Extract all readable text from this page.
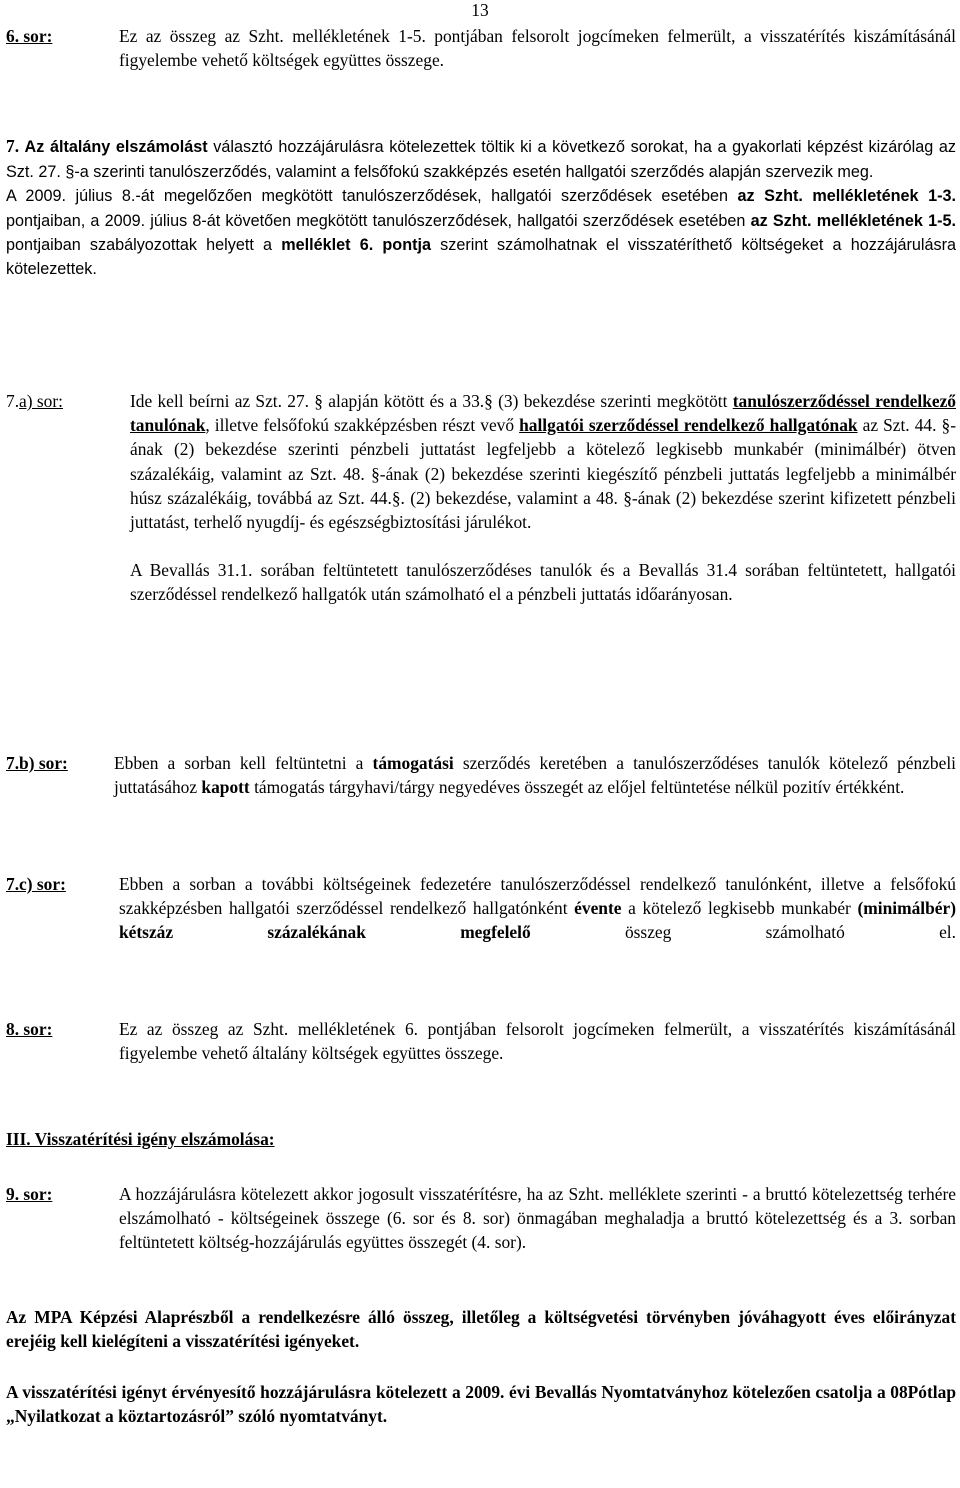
13
6. sor:	Ez az összeg az Szht. mellékletének 1-5. pontjában felsorolt jogcímeken felmerült, a visszatérítés kiszámításánál figyelembe vehető költségek együttes összege.

7. Az általány elszámolást választó hozzájárulásra kötelezettek töltik ki a következő sorokat, ha a gyakorlati képzést kizárólag az Szt. 27. §-a szerinti tanulószerződés, valamint a felsőfokú szakképzés esetén hallgatói szerződés alapján szervezik meg.

A 2009. július 8.-át megelőzően megkötött tanulószerződések, hallgatói szerződések esetében az Szht. mellékletének 1-3. pontjaiban, a 2009. július 8-át követően megkötött tanulószerződések, hallgatói szerződések esetében az Szht. mellékletének 1-5. pontjaiban szabályozottak helyett a melléklet 6. pontja szerint számolhatnak el visszatéríthető költségeket a hozzájárulásra kötelezettek.

7.a) sor:	Ide kell beírni az Szt. 27. § alapján kötött és a 33.§ (3) bekezdése szerinti megkötött tanulószerződéssel rendelkező tanulónak, illetve felsőfokú szakképzésben részt vevő hallgatói szerződéssel rendelkező hallgatónak az Szt. 44. §-ának (2) bekezdése szerinti pénzbeli juttatást legfeljebb a kötelező legkisebb munkabér (minimálbér) ötven százalékáig, valamint az Szt. 48. §-ának (2) bekezdése szerinti kiegészítő pénzbeli juttatás legfeljebb a minimálbér húsz százalékáig, továbbá az Szt. 44.§. (2) bekezdése, valamint a 48. §-ának (2) bekezdése szerint kifizetett pénzbeli juttatást, terhelő nyugdíj- és egészségbiztosítási járulékot.

A Bevallás 31.1. sorában feltüntetett tanulószerződéses tanulók és a Bevallás 31.4 sorában feltüntetett, hallgatói szerződéssel rendelkező hallgatók után számolható el a pénzbeli juttatás időarányosan.

7.b) sor:	Ebben a sorban kell feltüntetni a támogatási szerződés keretében a tanulószerződéses tanulók kötelező pénzbeli juttatásához kapott támogatás tárgyhavi/tárgy negyedéves összegét az előjel feltüntetése nélkül pozitív értékként.

7.c) sor:	Ebben a sorban a további költségeinek fedezetére tanulószerződéssel rendelkező tanulónként, illetve a felsőfokú szakképzésben hallgatói szerződéssel rendelkező hallgatónként évente a kötelező legkisebb munkabér (minimálbér) kétszáz százalékának megfelelő összeg számolható el.

8. sor:	Ez az összeg az Szht. mellékletének 6. pontjában felsorolt jogcímeken felmerült, a visszatérítés kiszámításánál figyelembe vehető általány költségek együttes összege.

III. Visszatérítési igény elszámolása:
9. sor:	A hozzájárulásra kötelezett akkor jogosult visszatérítésre, ha az Szht. melléklete szerinti - a bruttó kötelezettség terhére elszámolható - költségeinek összege (6. sor és 8. sor) önmagában meghaladja a bruttó kötelezettség és a 3. sorban feltüntetett költség-hozzájárulás együttes összegét (4. sor).

Az MPA Képzési Alaprészből a rendelkezésre álló összeg, illetőleg a költségvetési törvényben jóváhagyott éves előirányzat erejéig kell kielégíteni a visszatérítési igényeket.

A visszatérítési igényt érvényesítő hozzájárulásra kötelezett a 2009. évi Bevallás Nyomtatványhoz kötelezően csatolja a 08Pótlap „Nyilatkozat a köztartozásról” szóló nyomtatványt.
